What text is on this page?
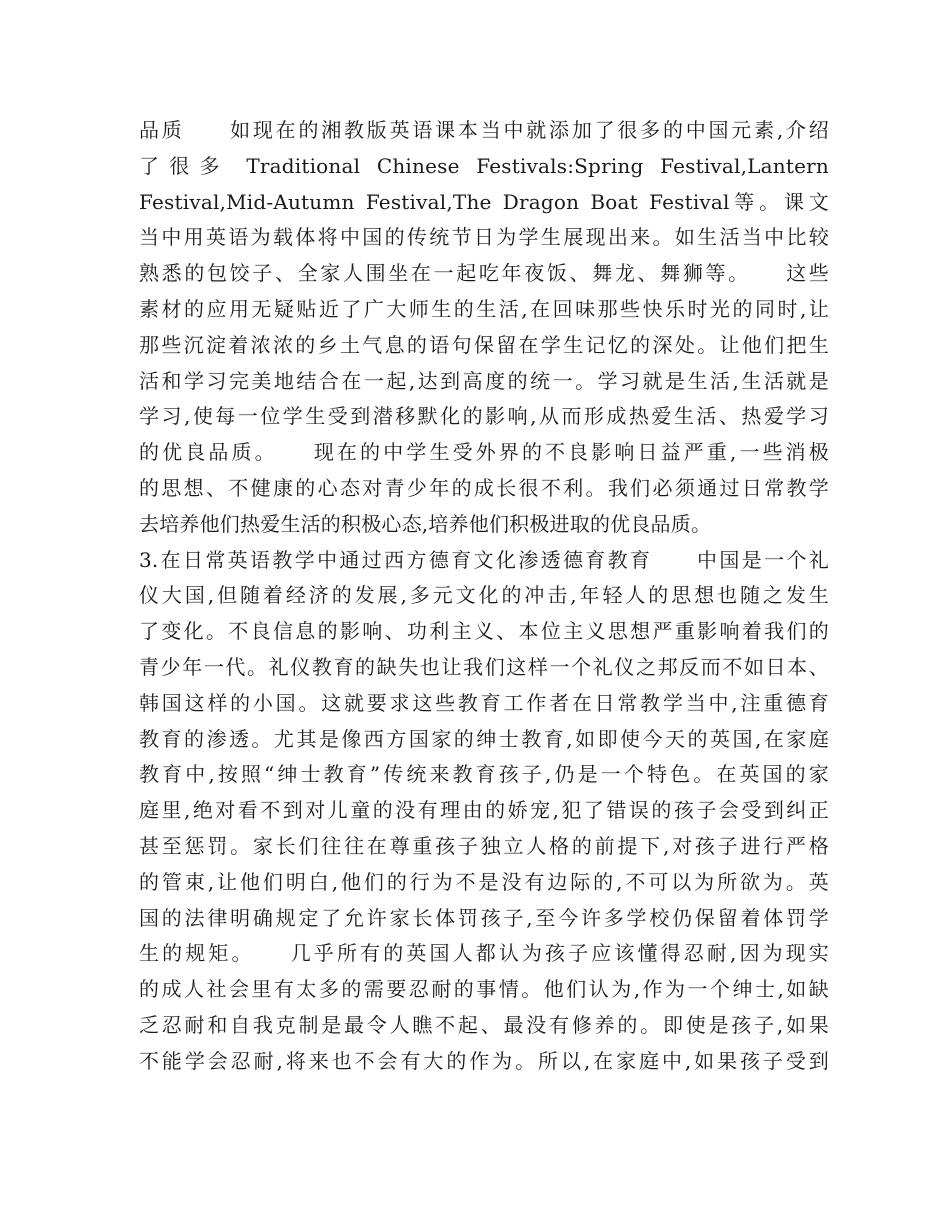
品质　　如现在的湘教版英语课本当中就添加了很多的中国元素,介绍
了很多 Traditional Chinese Festivals:Spring Festival,Lantern
Festival,Mid-Autumn Festival,The Dragon Boat Festival等。课文
当中用英语为载体将中国的传统节日为学生展现出来。如生活当中比较
熟悉的包饺子、全家人围坐在一起吃年夜饭、舞龙、舞狮等。　　这些
素材的应用无疑贴近了广大师生的生活,在回味那些快乐时光的同时,让
那些沉淀着浓浓的乡土气息的语句保留在学生记忆的深处。让他们把生
活和学习完美地结合在一起,达到高度的统一。学习就是生活,生活就是
学习,使每一位学生受到潜移默化的影响,从而形成热爱生活、热爱学习
的优良品质。　　现在的中学生受外界的不良影响日益严重,一些消极
的思想、不健康的心态对青少年的成长很不利。我们必须通过日常教学
去培养他们热爱生活的积极心态,培养他们积极进取的优良品质。
3.在日常英语教学中通过西方德育文化渗透德育教育　　中国是一个礼
仪大国,但随着经济的发展,多元文化的冲击,年轻人的思想也随之发生
了变化。不良信息的影响、功利主义、本位主义思想严重影响着我们的
青少年一代。礼仪教育的缺失也让我们这样一个礼仪之邦反而不如日本、
韩国这样的小国。这就要求这些教育工作者在日常教学当中,注重德育
教育的渗透。尤其是像西方国家的绅士教育,如即使今天的英国,在家庭
教育中,按照“绅士教育”传统来教育孩子,仍是一个特色。在英国的家
庭里,绝对看不到对儿童的没有理由的娇宠,犯了错误的孩子会受到纠正
甚至惩罚。家长们往往在尊重孩子独立人格的前提下,对孩子进行严格
的管束,让他们明白,他们的行为不是没有边际的,不可以为所欲为。英
国的法律明确规定了允许家长体罚孩子,至今许多学校仍保留着体罚学
生的规矩。　　几乎所有的英国人都认为孩子应该懂得忍耐,因为现实
的成人社会里有太多的需要忍耐的事情。他们认为,作为一个绅士,如缺
乏忍耐和自我克制是最令人瞧不起、最没有修养的。即使是孩子,如果
不能学会忍耐,将来也不会有大的作为。所以,在家庭中,如果孩子受到
